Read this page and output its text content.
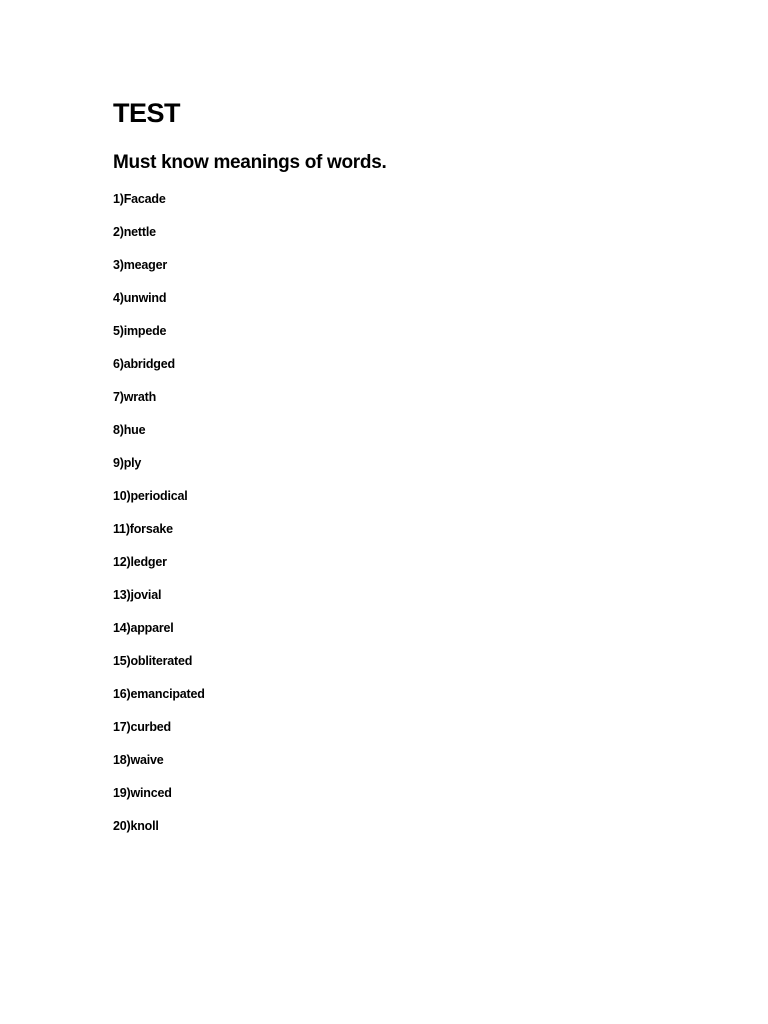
TEST
Must know meanings of words.
1)Facade
2)nettle
3)meager
4)unwind
5)impede
6)abridged
7)wrath
8)hue
9)ply
10)periodical
11)forsake
12)ledger
13)jovial
14)apparel
15)obliterated
16)emancipated
17)curbed
18)waive
19)winced
20)knoll
